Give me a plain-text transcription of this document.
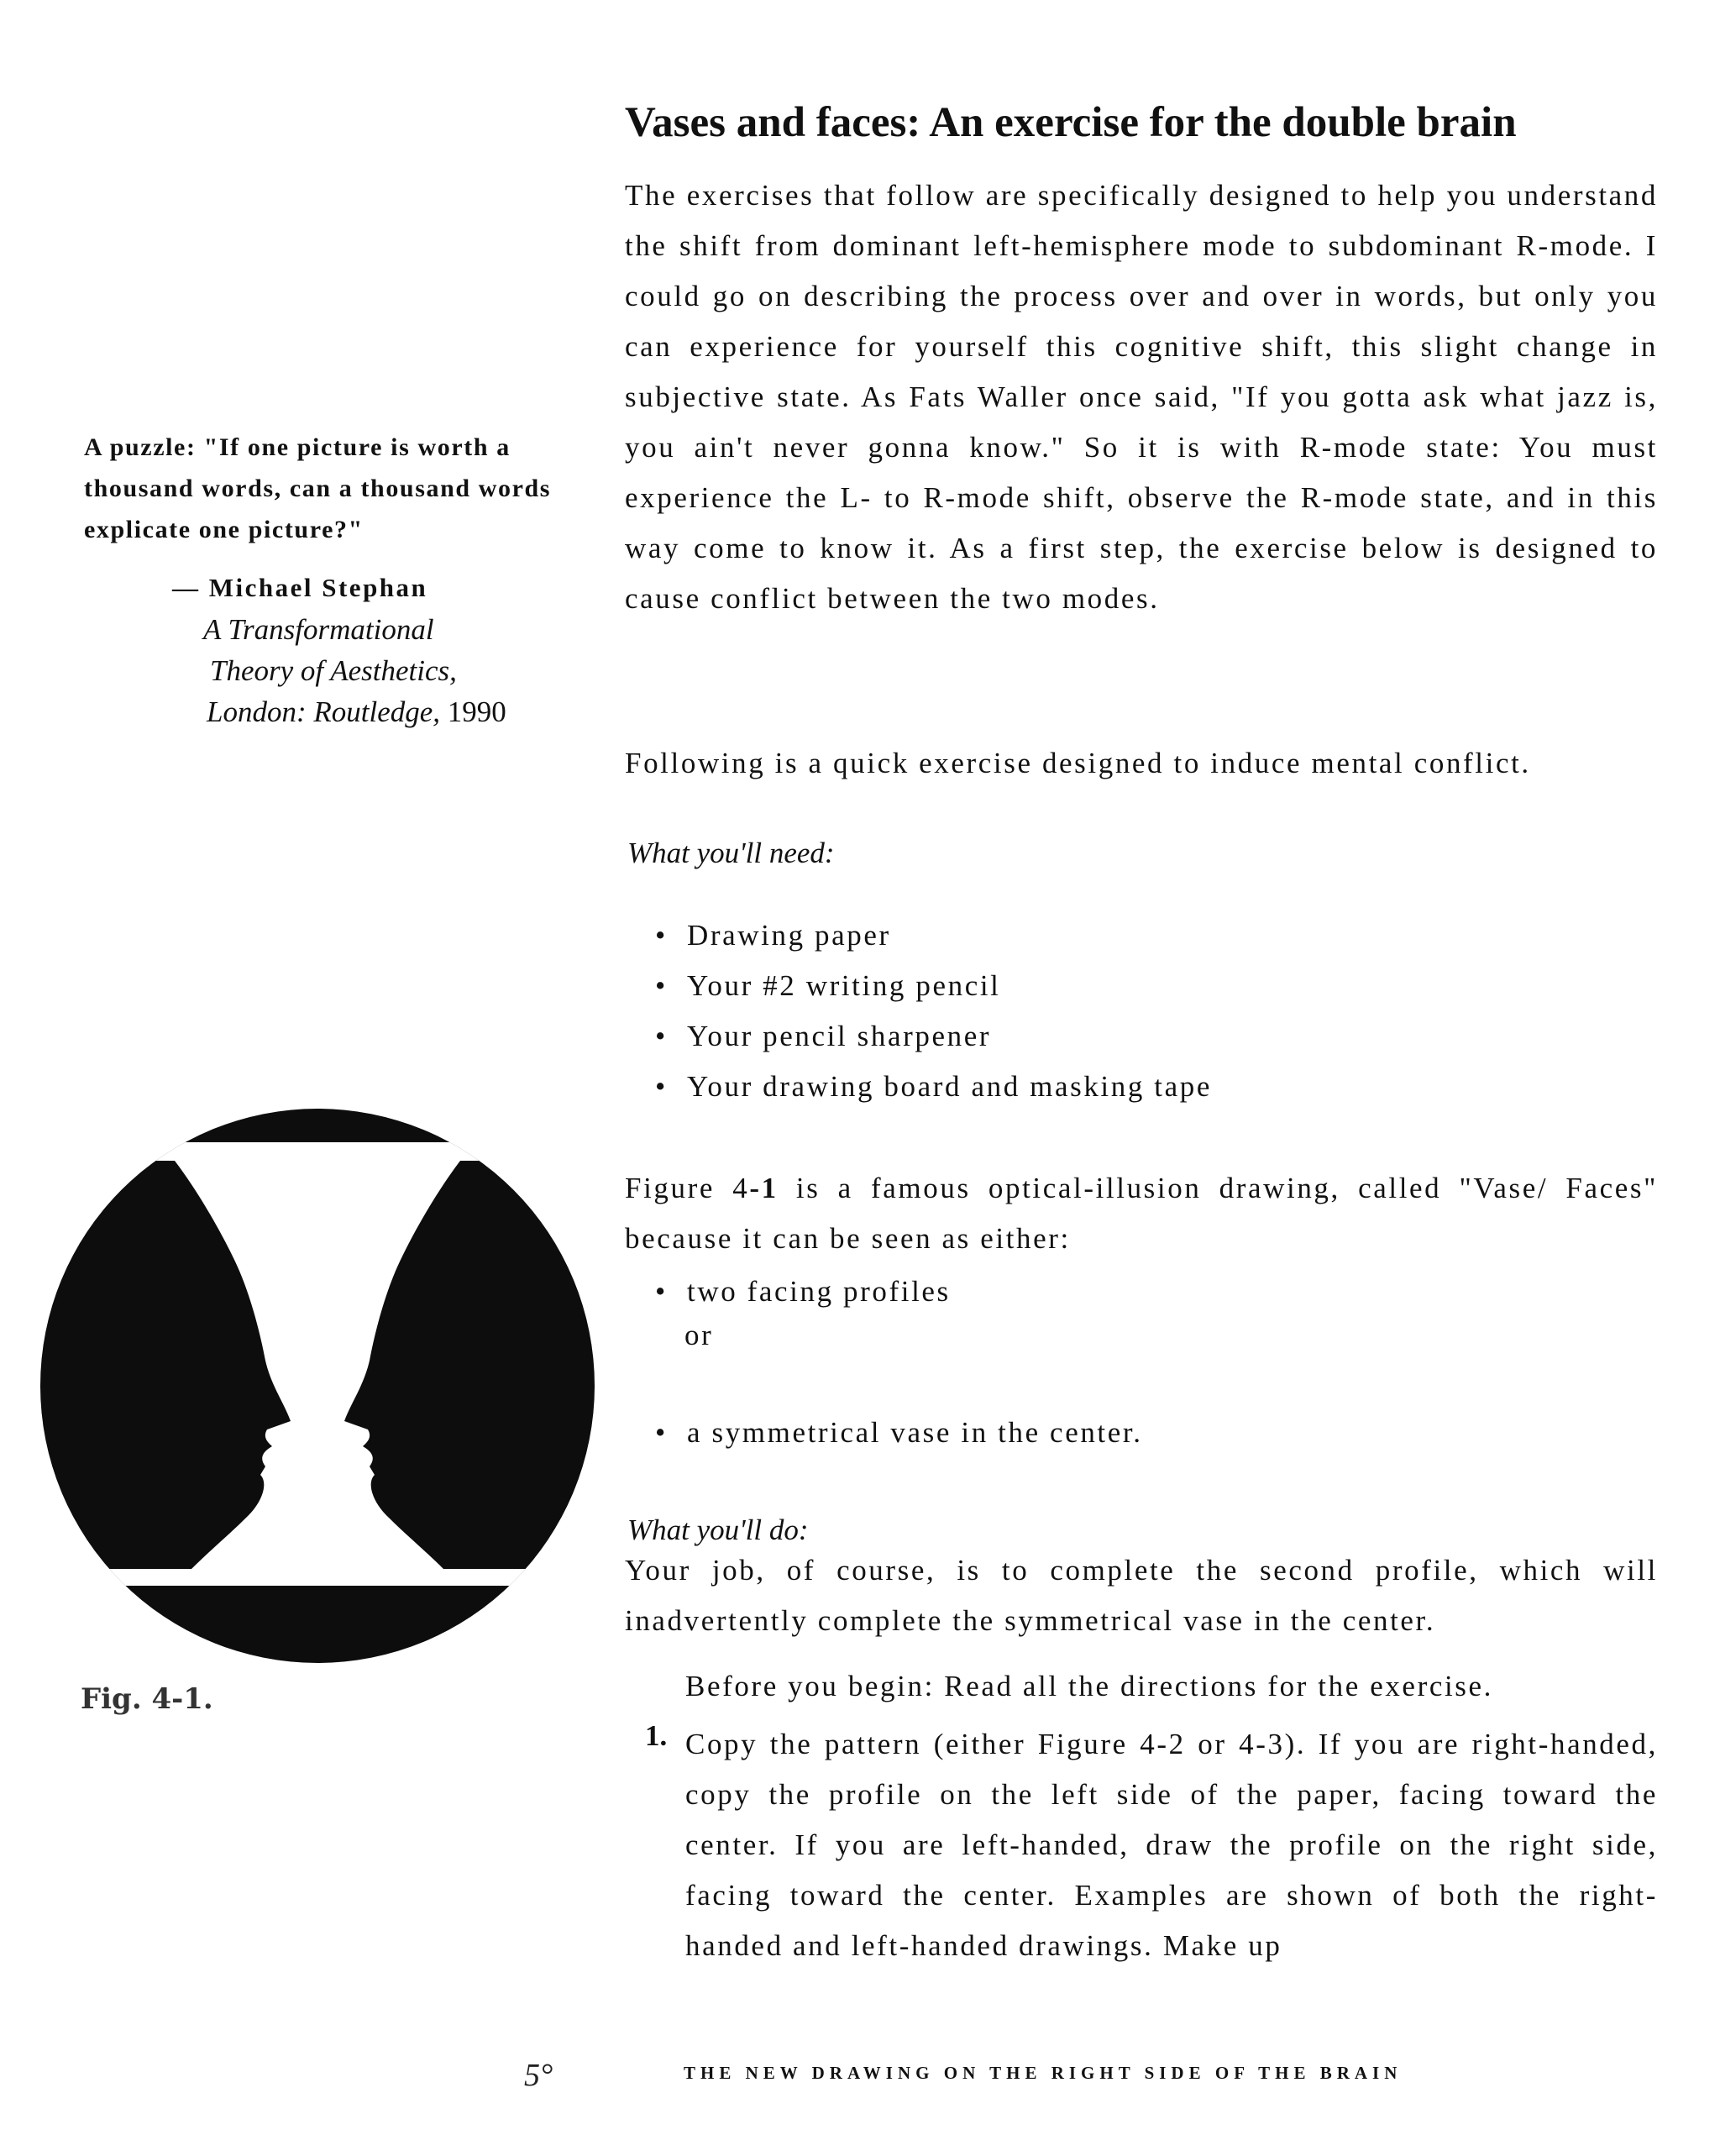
A puzzle: "If one picture is worth a thousand words, can a thousand words explicate one picture?"
— Michael Stephan
A Transformational
Theory of Aesthetics,
London: Routledge, 1990
Fig. 4-1.
Vases and faces: An exercise for the double brain
The exercises that follow are specifically designed to help you understand the shift from dominant left-hemisphere mode to subdominant R-mode. I could go on describing the process over and over in words, but only you can experience for yourself this cognitive shift, this slight change in subjective state. As Fats Waller once said, "If you gotta ask what jazz is, you ain't never gonna know." So it is with R-mode state: You must experience the L- to R-mode shift, observe the R-mode state, and in this way come to know it. As a first step, the exercise below is designed to cause conflict between the two modes.
Following is a quick exercise designed to induce mental conflict.
What you'll need:
• Drawing paper
• Your #2 writing pencil
• Your pencil sharpener
• Your drawing board and masking tape
Figure 4-1 is a famous optical-illusion drawing, called "Vase/ Faces" because it can be seen as either:
• two facing profiles
or
• a symmetrical vase in the center.
What you'll do:
Your job, of course, is to complete the second profile, which will inadvertently complete the symmetrical vase in the center.
Before you begin: Read all the directions for the exercise.
1. Copy the pattern (either Figure 4-2 or 4-3). If you are right-handed, copy the profile on the left side of the paper, facing toward the center. If you are left-handed, draw the profile on the right side, facing toward the center. Examples are shown of both the right-handed and left-handed drawings. Make up
5°	THE NEW DRAWING ON THE RIGHT SIDE OF THE BRAIN
